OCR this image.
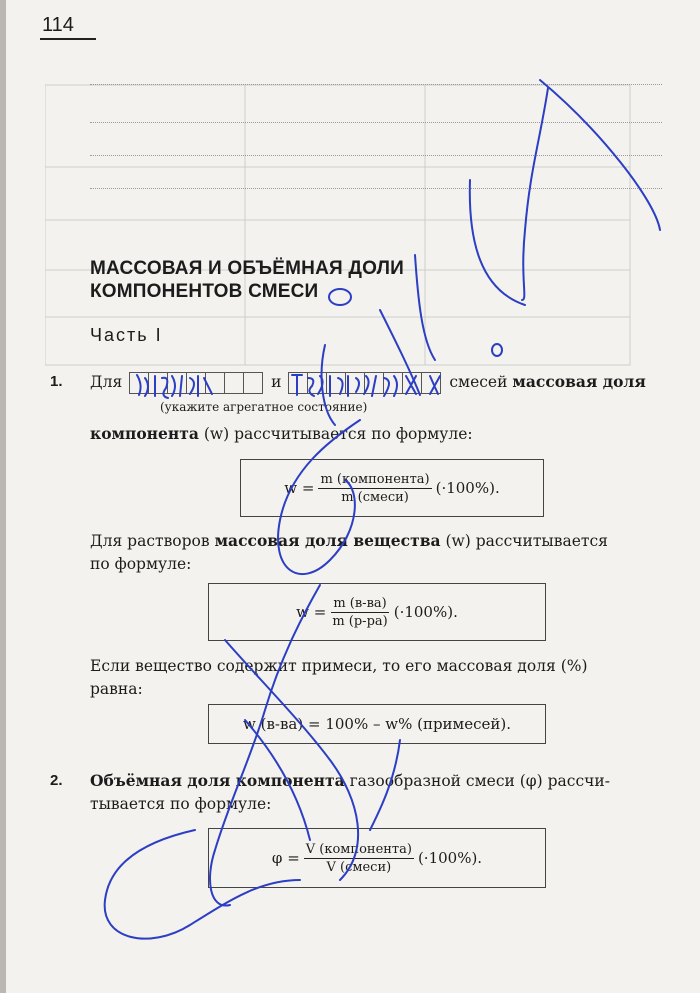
114
МАССОВАЯ И ОБЪЁМНАЯ ДОЛИ
КОМПОНЕНТОВ СМЕСИ
Часть I
1. Для	и	смесей массовая доля
(укажите агрегатное состояние)
компонента (w) рассчитывается по формуле:
$w = \frac{\text{m (компонента)}}{\text{m (смеси)}} (\cdot 100\%)$.
Для растворов массовая доля вещества (w) рассчитывается
по формуле:
$w = \frac{m (в-ва)}{m (р-ра)} (\cdot 100\%)$.
Если вещество содержит примеси, то его массовая доля (%)
равна:
w (в-ва) = 100% – w% (примесей).
2. Объёмная доля компонента газообразной смеси (φ) рассчи-
тывается по формуле:
$\varphi = \frac{\text{V (компонента)}}{\text{V (смеси)}} (\cdot 100\%)$.
